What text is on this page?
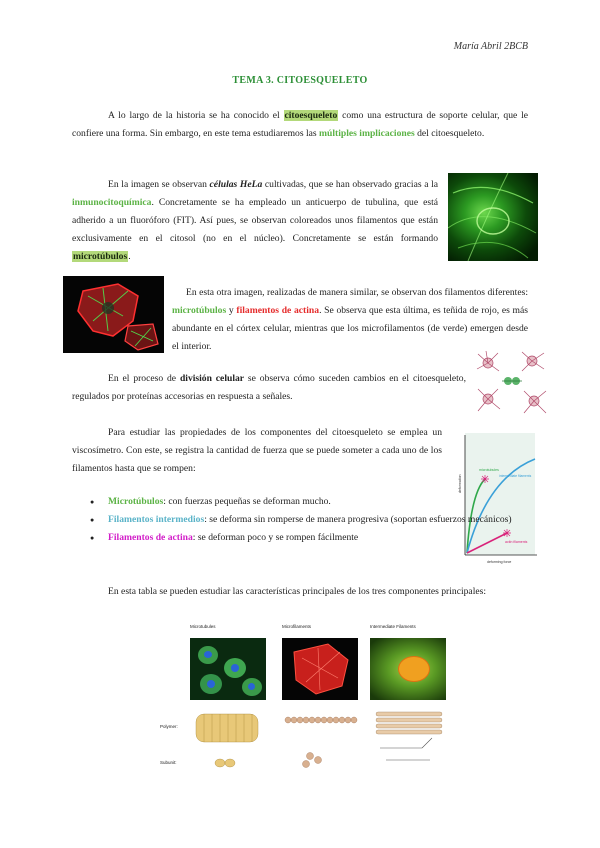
María Abril 2BCB
TEMA 3. CITOESQUELETO
A lo largo de la historia se ha conocido el citoesqueleto como una estructura de soporte celular, que le confiere una forma. Sin embargo, en este tema estudiaremos las múltiples implicaciones del citoesqueleto.
En la imagen se observan células HeLa cultivadas, que se han observado gracias a la inmunocitoquímica. Concretamente se ha empleado un anticuerpo de tubulina, que está adherido a un fluoróforo (FIT). Así pues, se observan coloreados unos filamentos que están exclusivamente en el citosol (no en el núcleo). Concretamente se están formando microtúbulos.
En esta otra imagen, realizadas de manera similar, se observan dos filamentos diferentes: microtúbulos y filamentos de actina. Se observa que esta última, es teñida de rojo, es más abundante en el córtex celular, mientras que los microfilamentos (de verde) emergen desde el interior.
En el proceso de división celular se observa cómo suceden cambios en el citoesqueleto, regulados por proteínas accesorias en respuesta a señales.
Para estudiar las propiedades de los componentes del citoesqueleto se emplea un viscosímetro. Con este, se registra la cantidad de fuerza que se puede someter a cada uno de los filamentos hasta que se rompen:
deformation
deforming force
microtubules
intermediate filaments
actin filaments
● Microtúbulos: con fuerzas pequeñas se deforman mucho.
● Filamentos intermedios: se deforma sin romperse de manera progresiva (soportan esfuerzos mecánicos)
● Filamentos de actina: se deforman poco y se rompen fácilmente
En esta tabla se pueden estudiar las características principales de los tres componentes principales:
Microtubules	Microfilaments	Intermediate Filaments
Polymer:
Subunit:
